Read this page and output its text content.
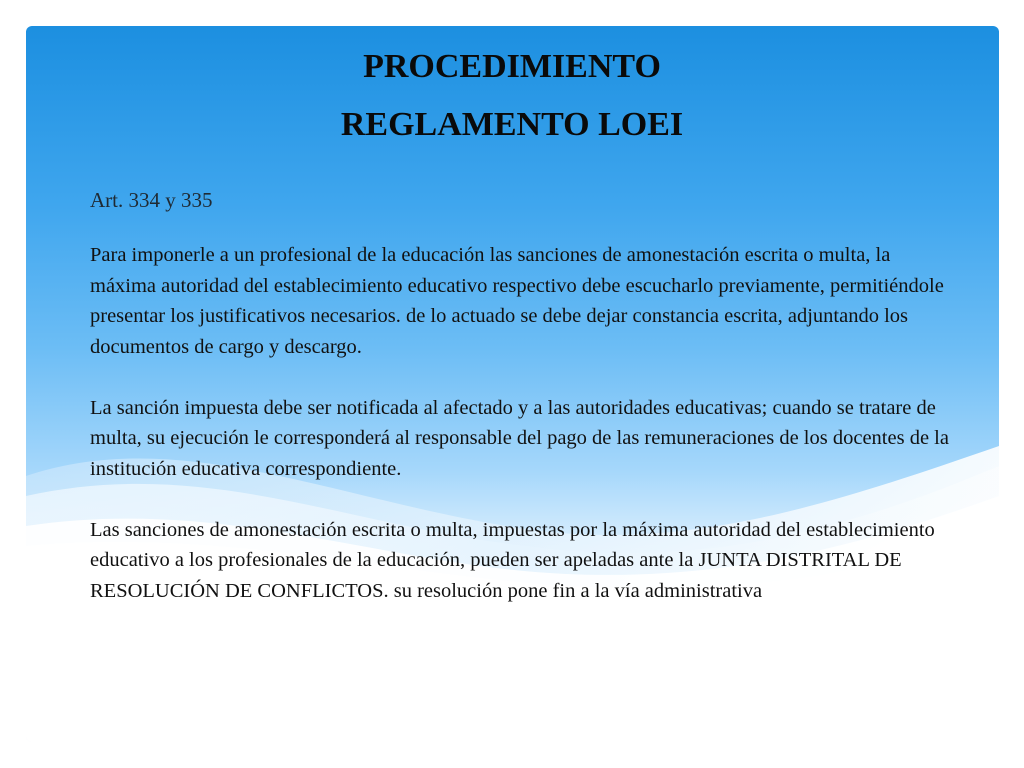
PROCEDIMIENTO
REGLAMENTO LOEI
Art. 334 y 335

Para imponerle a un profesional de la educación las sanciones de amonestación escrita o multa, la máxima autoridad del establecimiento educativo respectivo debe escucharlo previamente, permitiéndole presentar los justificativos necesarios. de lo actuado se debe dejar constancia escrita, adjuntando los documentos de cargo y descargo.

La sanción impuesta debe ser notificada al afectado y a las autoridades educativas; cuando se tratare de multa, su ejecución le corresponderá al responsable del pago de las remuneraciones de los docentes de la institución educativa correspondiente.

Las sanciones de amonestación escrita o multa, impuestas por la máxima autoridad del establecimiento educativo a los profesionales de la educación, pueden ser apeladas ante la JUNTA DISTRITAL DE RESOLUCIÓN DE CONFLICTOS. su resolución pone fin a la vía administrativa
